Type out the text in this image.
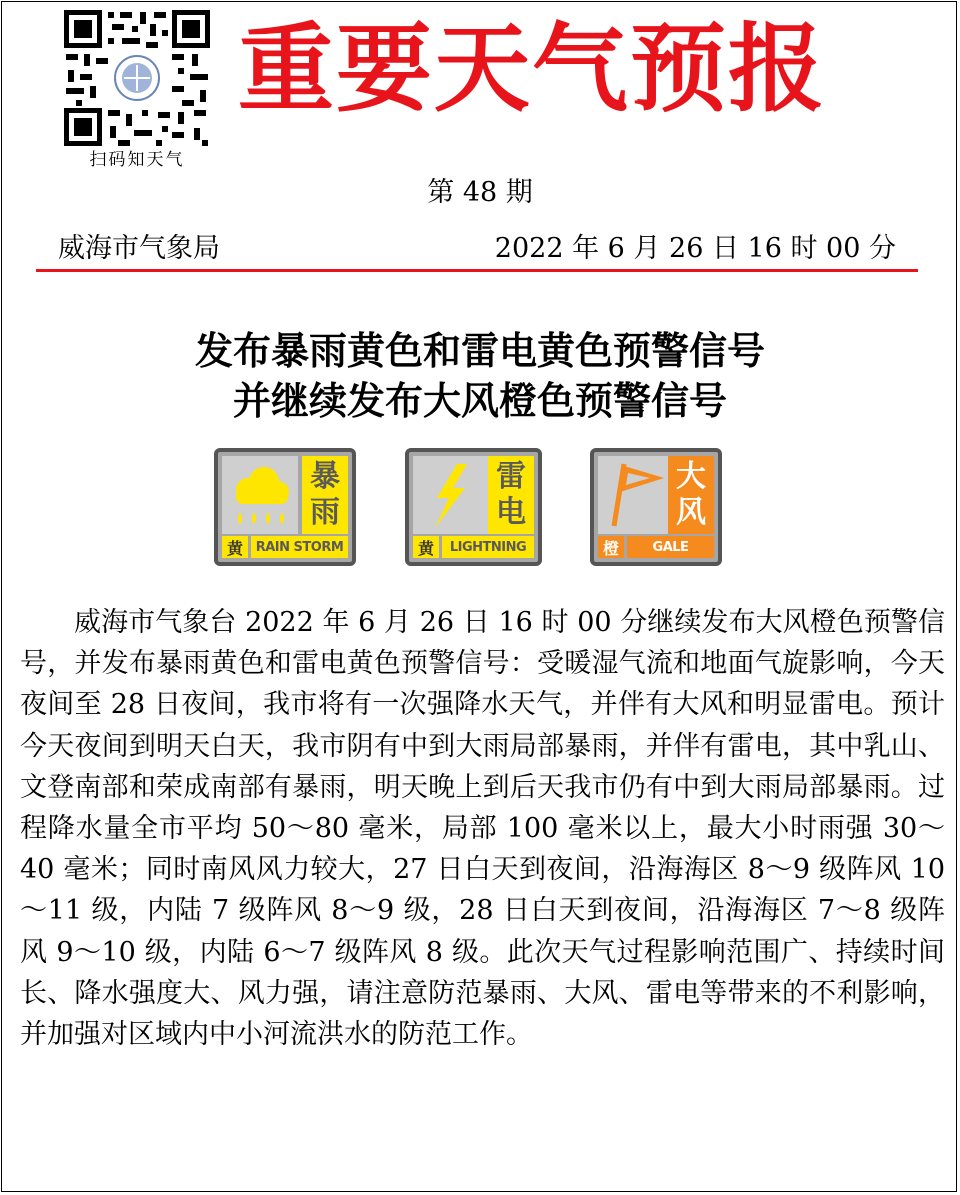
扫码知天气
重要天气预报
第 48 期
威海市气象局	2022 年 6 月 26 日 16 时 00 分
发布暴雨黄色和雷电黄色预警信号
并继续发布大风橙色预警信号
暴
雨
黄 RAIN STORM
雷
电
黄	LIGHTNING
大
风
橙	GALE

威海市气象台 2022 年 6 月 26 日 16 时 00 分继续发布大风橙色预警信号，并发布暴雨黄色和雷电黄色预警信号：受暖湿气流和地面气旋影响，今天夜间至 28 日夜间，我市将有一次强降水天气，并伴有大风和明显雷电。预计今天夜间到明天白天，我市阴有中到大雨局部暴雨，并伴有雷电，其中乳山、文登南部和荣成南部有暴雨，明天晚上到后天我市仍有中到大雨局部暴雨。过程降水量全市平均 50～80 毫米，局部 100 毫米以上，最大小时雨强 30～40 毫米；同时南风风力较大，27 日白天到夜间，沿海海区 8～9 级阵风 10～11 级，内陆 7 级阵风 8～9 级，28 日白天到夜间，沿海海区 7～8 级阵风 9～10 级，内陆 6～7 级阵风 8 级。此次天气过程影响范围广、持续时间长、降水强度大、风力强，请注意防范暴雨、大风、雷电等带来的不利影响，并加强对区域内中小河流洪水的防范工作。
